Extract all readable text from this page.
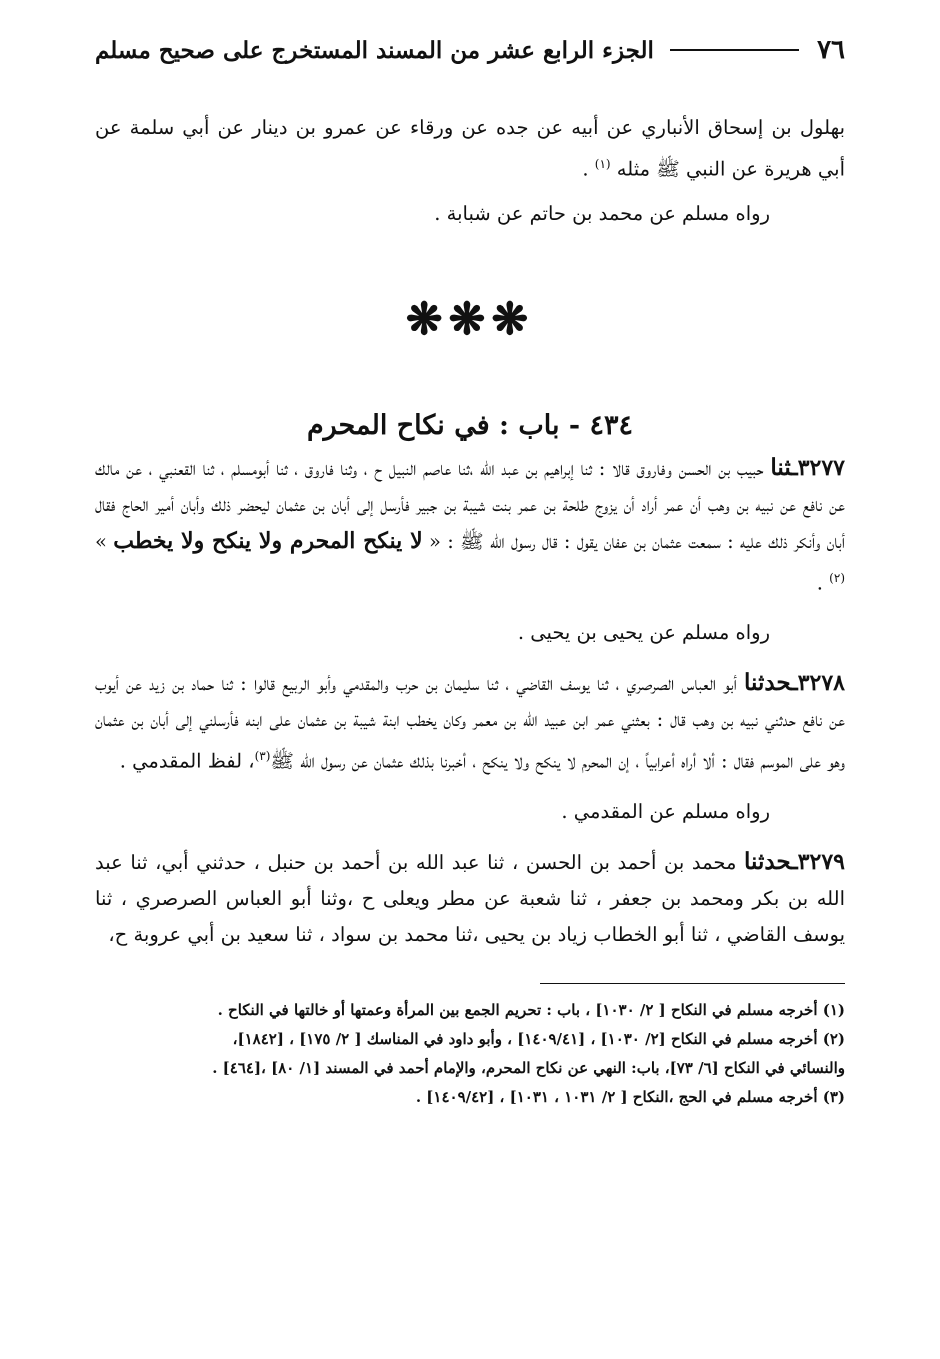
٧٦
الجزء الرابع عشر من المسند المستخرج على صحيح مسلم

بهلول بن إسحاق الأنباري عن أبيه عن جده عن ورقاء عن عمرو بن دينار عن أبي سلمة عن أبي هريرة عن النبي ﷺ مثله $^{(١)}$ .

رواه مسلم عن محمد بن حاتم عن شبابة .

❋❋❋
٤٣٤ - باب : في نكاح المحرم

٣٢٧٧ـثنا حبيب بن الحسن وفاروق قالا : ثنا إبراهيم بن عبد الله ،ثنا عاصم النبيل ح ، وثنا فاروق ، ثنا أبومسلم ، ثنا القعنبي ، عن مالك عن نافع عن نبيه بن وهب أن عمر أراد أن يزوج طلحة بن عمر بنت شيبة بن جبير فأرسل إلى أبان بن عثمان ليحضر ذلك وأبان أمير الحاج فقال أبان وأنكر ذلك عليه : سمعت عثمان بن عفان يقول : قال رسول الله ﷺ : « لا ينكح المحرم ولا ينكح ولا يخطب » $^{(٢)}$ .

رواه مسلم عن يحيى بن يحيى .

٣٢٧٨ـحدثنا أبو العباس الصرصري ، ثنا يوسف القاضي ، ثنا سليمان بن حرب والمقدمي وأبو الربيع قالوا : ثنا حماد بن زيد عن أيوب عن نافع حدثني نبيه بن وهب قال : بعثني عمر ابن عبيد الله بن معمر وكان يخطب ابنة شيبة بن عثمان على ابنه فأرسلني إلى أبان بن عثمان وهو على الموسم فقال : ألا أراه أعرابياً ، إن المحرم لا ينكح ولا ينكح ، أخبرنا بذلك عثمان عن رسول الله ﷺ$^{(٣)}$، لفظ المقدمي .

رواه مسلم عن المقدمي .

٣٢٧٩ـحدثنا محمد بن أحمد بن الحسن ، ثنا عبد الله بن أحمد بن حنبل ، حدثني أبي، ثنا عبد الله بن بكر ومحمد بن جعفر ، ثنا شعبة عن مطر ويعلى ح ،وثنا أبو العباس الصرصري ، ثنا يوسف القاضي ، ثنا أبو الخطاب زياد بن يحيى ،ثنا محمد بن سواد ، ثنا سعيد بن أبي عروبة ح،

(١) أخرجه مسلم في النكاح [ ٢/ ١٠٣٠] ، باب : تحريم الجمع بين المرأة وعمتها أو خالتها في النكاح .

(٢) أخرجه مسلم في النكاح [٢/ ١٠٣٠] ، [١٤٠٩/٤١] ، وأبو داود في المناسك [ ٢/ ١٧٥] ، [١٨٤٢]،

والنسائي في النكاح [٦/ ٧٣]، باب: النهي عن نكاح المحرم، والإمام أحمد في المسند [١/ ٨٠] ،[٤٦٤] .

(٣) أخرجه مسلم في الحج ،النكاح [ ٢/ ١٠٣١ ، ١٠٣١] ، [١٤٠٩/٤٢] .
